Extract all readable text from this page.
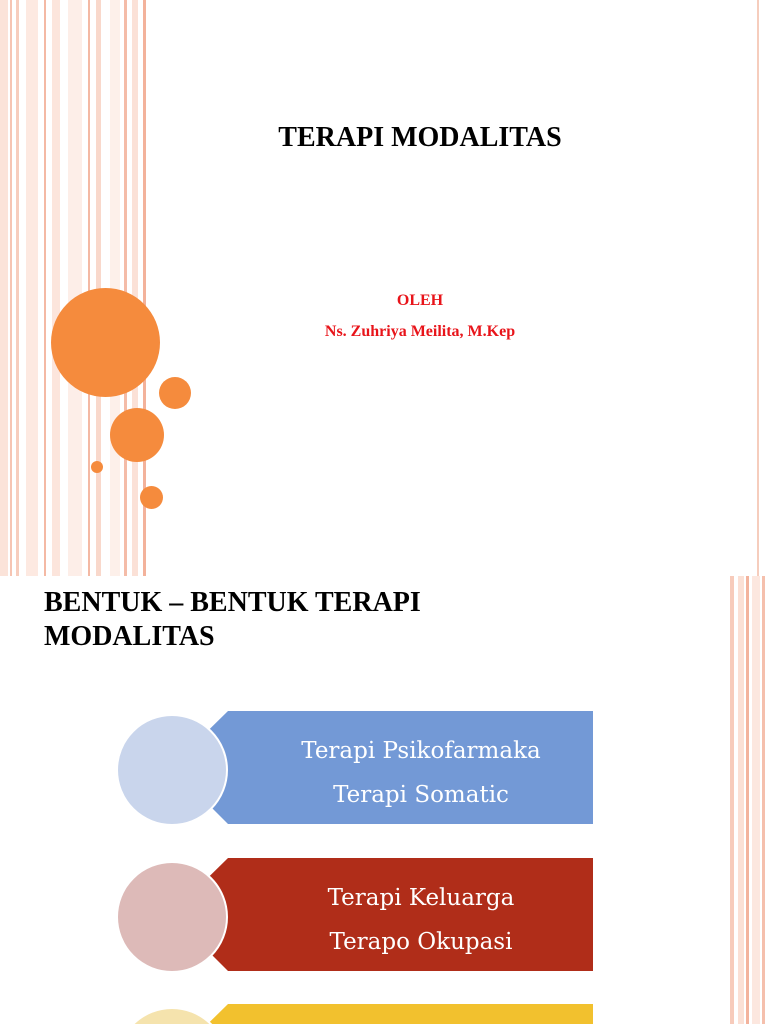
TERAPI MODALITAS
OLEH
Ns. Zuhriya Meilita, M.Kep
BENTUK – BENTUK TERAPI
MODALITAS
Terapi Psikofarmaka
Terapi Somatic
Terapi Keluarga
Terapo Okupasi
